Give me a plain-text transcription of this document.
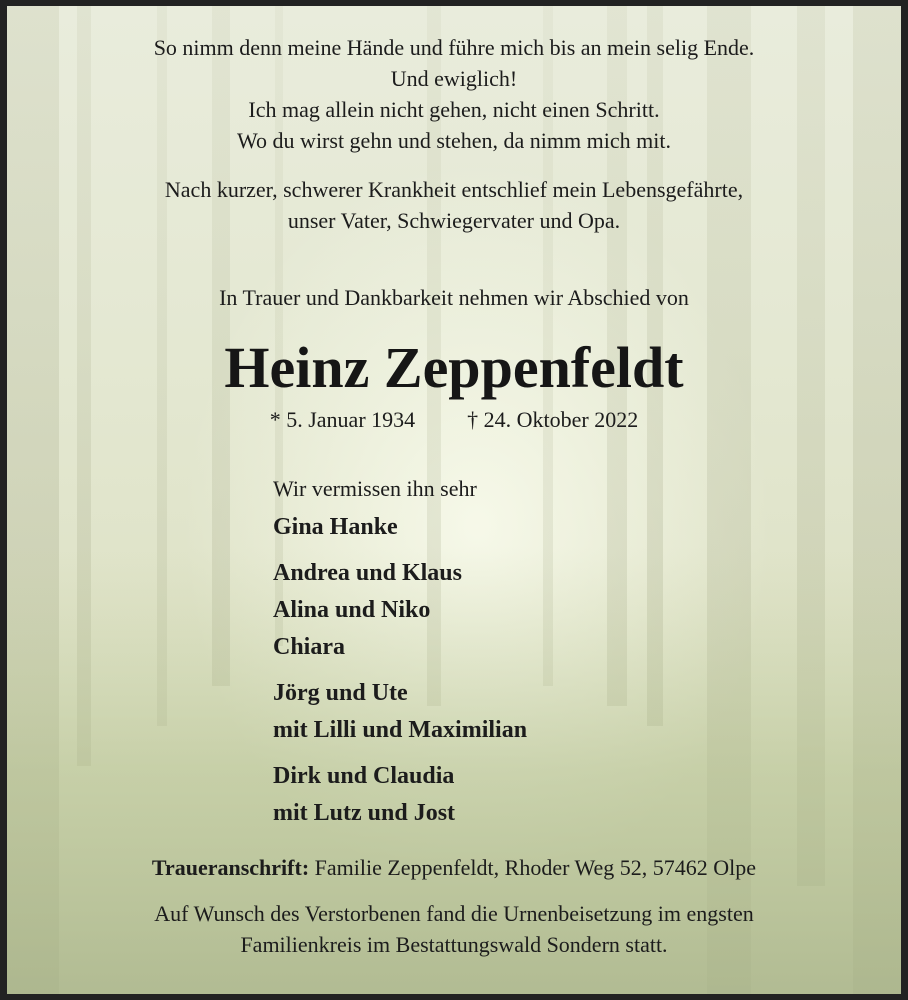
So nimm denn meine Hände und führe mich bis an mein selig Ende.
Und ewiglich!
Ich mag allein nicht gehen, nicht einen Schritt.
Wo du wirst gehn und stehen, da nimm mich mit.
Nach kurzer, schwerer Krankheit entschlief mein Lebensgefährte,
unser Vater, Schwiegervater und Opa.
In Trauer und Dankbarkeit nehmen wir Abschied von
Heinz Zeppenfeldt
* 5. Januar 1934 † 24. Oktober 2022
Wir vermissen ihn sehr
Gina Hanke
Andrea und Klaus
Alina und Niko
Chiara
Jörg und Ute
mit Lilli und Maximilian
Dirk und Claudia
mit Lutz und Jost
Traueranschrift: Familie Zeppenfeldt, Rhoder Weg 52, 57462 Olpe
Auf Wunsch des Verstorbenen fand die Urnenbeisetzung im engsten
Familienkreis im Bestattungswald Sondern statt.
